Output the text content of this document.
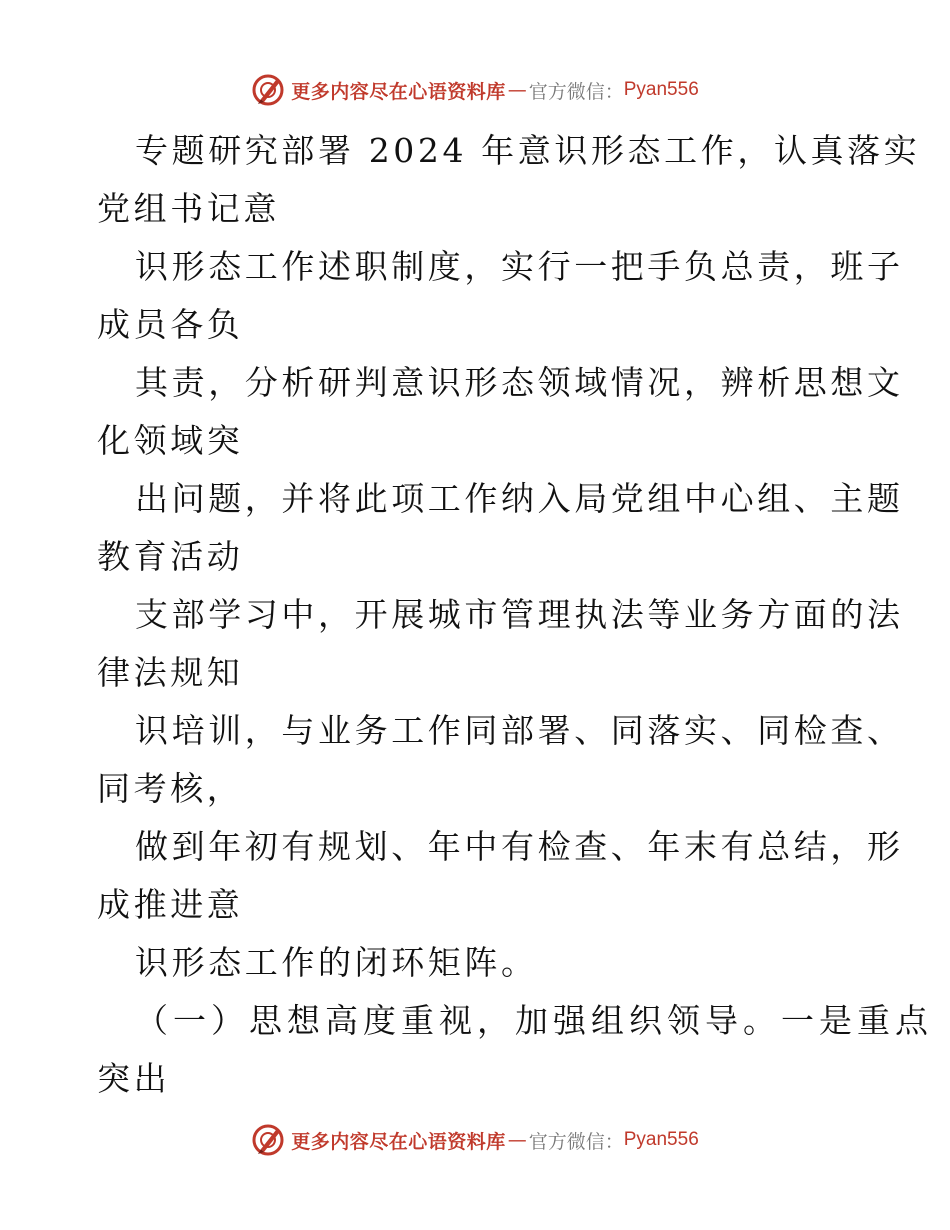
更多内容尽在心语资料库 — 官方微信： Pyan556
专题研究部署 2024 年意识形态工作，认真落实
党组书记意
识形态工作述职制度，实行一把手负总责，班子
成员各负
其责，分析研判意识形态领域情况，辨析思想文
化领域突
出问题，并将此项工作纳入局党组中心组、主题
教育活动
支部学习中，开展城市管理执法等业务方面的法
律法规知
识培训，与业务工作同部署、同落实、同检查、
同考核，
做到年初有规划、年中有检查、年末有总结，形
成推进意
识形态工作的闭环矩阵。
（一）思想高度重视，加强组织领导。一是重点
突出
更多内容尽在心语资料库 — 官方微信： Pyan556
